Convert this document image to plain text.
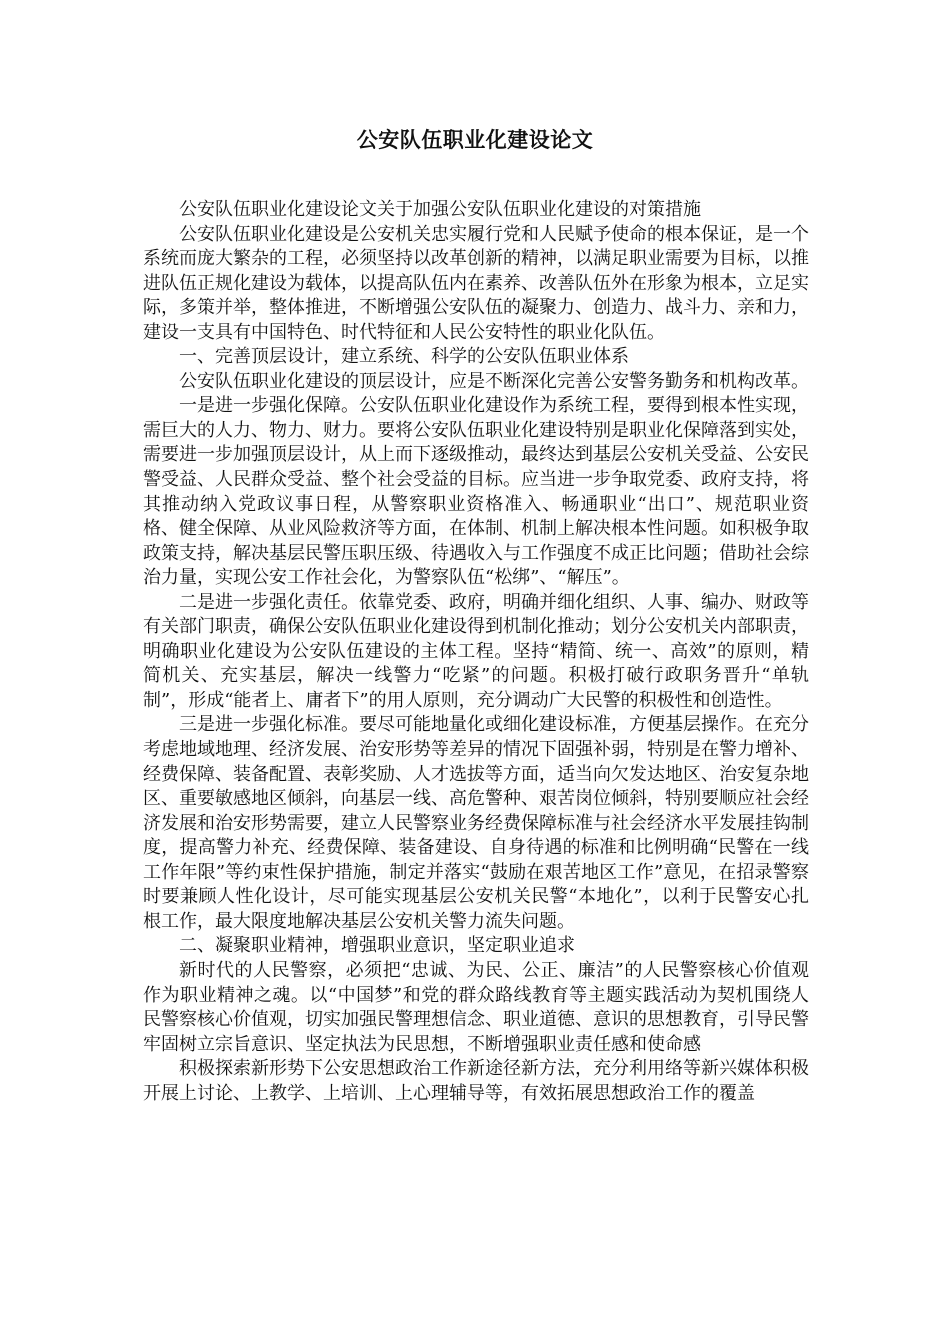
公安队伍职业化建设论文

公安队伍职业化建设论文关于加强公安队伍职业化建设的对策措施

公安队伍职业化建设是公安机关忠实履行党和人民赋予使命的根本保证，是一个系统而庞大繁杂的工程，必须坚持以改革创新的精神，以满足职业需要为目标，以推进队伍正规化建设为载体，以提高队伍内在素养、改善队伍外在形象为根本，立足实际，多策并举，整体推进，不断增强公安队伍的凝聚力、创造力、战斗力、亲和力，建设一支具有中国特色、时代特征和人民公安特性的职业化队伍。

一、完善顶层设计，建立系统、科学的公安队伍职业体系

公安队伍职业化建设的顶层设计，应是不断深化完善公安警务勤务和机构改革。

一是进一步强化保障。公安队伍职业化建设作为系统工程，要得到根本性实现，需巨大的人力、物力、财力。要将公安队伍职业化建设特别是职业化保障落到实处，需要进一步加强顶层设计，从上而下逐级推动，最终达到基层公安机关受益、公安民警受益、人民群众受益、整个社会受益的目标。应当进一步争取党委、政府支持，将其推动纳入党政议事日程，从警察职业资格准入、畅通职业“出口”、规范职业资格、健全保障、从业风险救济等方面，在体制、机制上解决根本性问题。如积极争取政策支持，解决基层民警压职压级、待遇收入与工作强度不成正比问题；借助社会综治力量，实现公安工作社会化，为警察队伍“松绑”、“解压”。

二是进一步强化责任。依靠党委、政府，明确并细化组织、人事、编办、财政等有关部门职责，确保公安队伍职业化建设得到机制化推动；划分公安机关内部职责，明确职业化建设为公安队伍建设的主体工程。坚持“精简、统一、高效”的原则，精简机关、充实基层，解决一线警力“吃紧”的问题。积极打破行政职务晋升“单轨制”，形成“能者上、庸者下”的用人原则，充分调动广大民警的积极性和创造性。

三是进一步强化标准。要尽可能地量化或细化建设标准，方便基层操作。在充分考虑地域地理、经济发展、治安形势等差异的情况下固强补弱，特别是在警力增补、经费保障、装备配置、表彰奖励、人才选拔等方面，适当向欠发达地区、治安复杂地区、重要敏感地区倾斜，向基层一线、高危警种、艰苦岗位倾斜，特别要顺应社会经济发展和治安形势需要，建立人民警察业务经费保障标准与社会经济水平发展挂钩制度，提高警力补充、经费保障、装备建设、自身待遇的标准和比例明确“民警在一线工作年限”等约束性保护措施，制定并落实“鼓励在艰苦地区工作”意见，在招录警察时要兼顾人性化设计，尽可能实现基层公安机关民警“本地化”，以利于民警安心扎根工作，最大限度地解决基层公安机关警力流失问题。

二、凝聚职业精神，增强职业意识，坚定职业追求

新时代的人民警察，必须把“忠诚、为民、公正、廉洁”的人民警察核心价值观作为职业精神之魂。以“中国梦”和党的群众路线教育等主题实践活动为契机围绕人民警察核心价值观，切实加强民警理想信念、职业道德、意识的思想教育，引导民警牢固树立宗旨意识、坚定执法为民思想，不断增强职业责任感和使命感

积极探索新形势下公安思想政治工作新途径新方法，充分利用络等新兴媒体积极开展上讨论、上教学、上培训、上心理辅导等，有效拓展思想政治工作的覆盖
